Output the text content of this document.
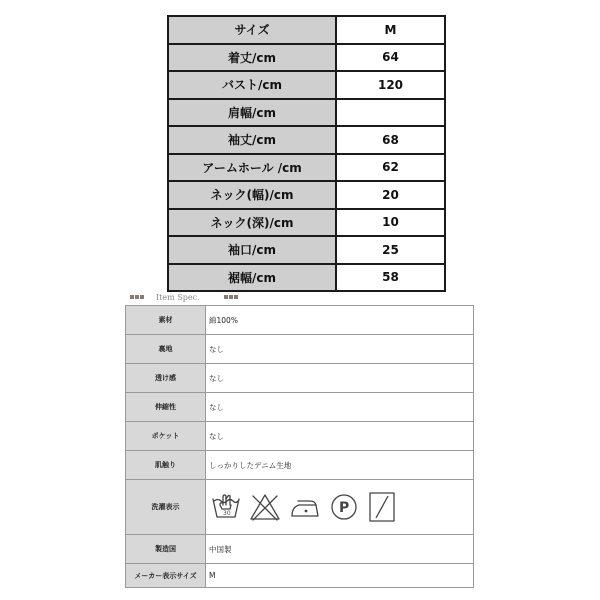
サイズ	M
着丈/cm	64
バスト/cm	120
肩幅/cm	
袖丈/cm	68
アームホール /cm	62
ネック(幅)/cm	20
ネック(深)/cm	10
袖口/cm	25
裾幅/cm	58
Item Spec.
素材	綿100%
裏地	なし
透け感	なし
伸縮性	なし
ポケット	なし
肌触り	しっかりしたデニム生地
洗濯表示	30 P

製造国	中国製
メーカー表示サイズ	M
